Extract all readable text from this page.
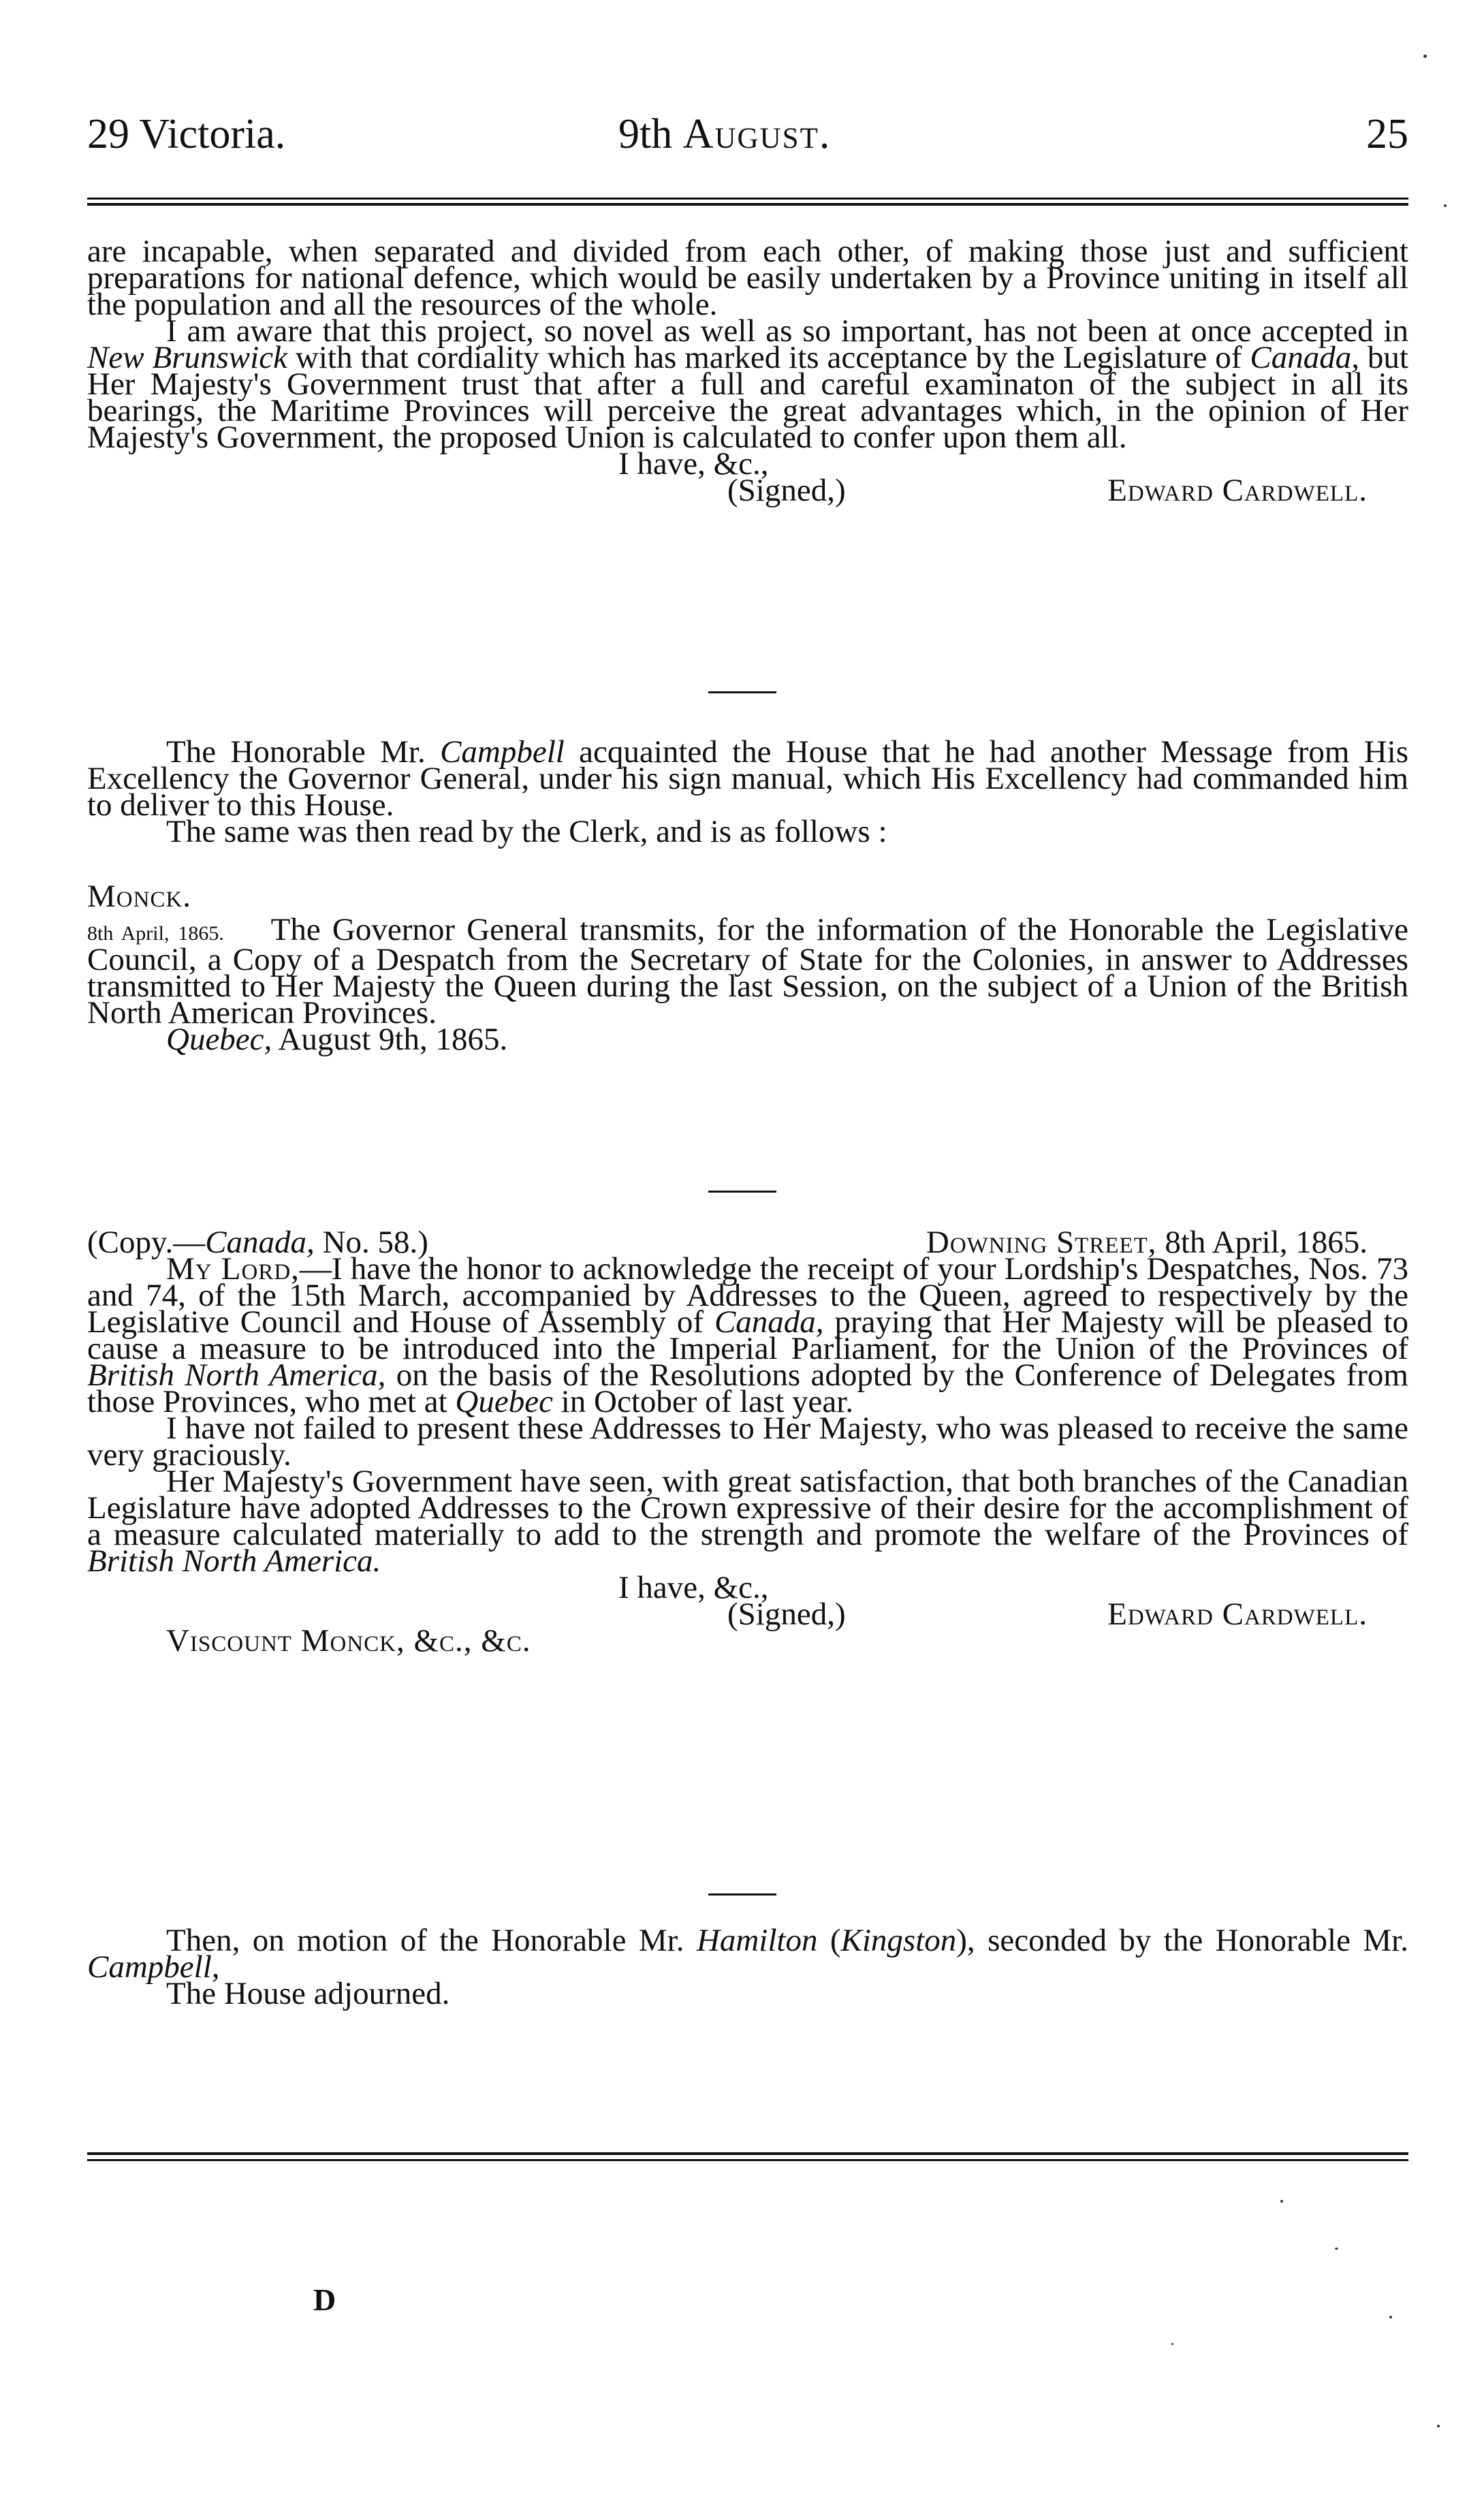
29 Victoria.	9th August.	25

are incapable, when separated and divided from each other, of making those just and sufficient preparations for national defence, which would be easily undertaken by a Province uniting in itself all the population and all the resources of the whole.

I am aware that this project, so novel as well as so important, has not been at once accepted in New Brunswick with that cordiality which has marked its acceptance by the Legislature of Canada, but Her Majesty's Government trust that after a full and careful examinaton of the subject in all its bearings, the Maritime Provinces will perceive the great advantages which, in the opinion of Her Majesty's Government, the proposed Union is calculated to confer upon them all.

I have, &c.,

(Signed,)	Edward Cardwell.

The Honorable Mr. Campbell acquainted the House that he had another Message from His Excellency the Governor General, under his sign manual, which His Excellency had commanded him to deliver to this House.

The same was then read by the Clerk, and is as follows :

Monck.

8th April, 1865. The Governor General transmits, for the information of the Honorable the Legislative Council, a Copy of a Despatch from the Secretary of State for the Colonies, in answer to Addresses transmitted to Her Majesty the Queen during the last Session, on the subject of a Union of the British North American Provinces.

Quebec, August 9th, 1865.

(Copy.—Canada, No. 58.)	Downing Street, 8th April, 1865.

My Lord,—I have the honor to acknowledge the receipt of your Lordship's Despatches, Nos. 73 and 74, of the 15th March, accompanied by Addresses to the Queen, agreed to respectively by the Legislative Council and House of Assembly of Canada, praying that Her Majesty will be pleased to cause a measure to be introduced into the Imperial Parliament, for the Union of the Provinces of British North America, on the basis of the Resolutions adopted by the Conference of Delegates from those Provinces, who met at Quebec in October of last year.

I have not failed to present these Addresses to Her Majesty, who was pleased to receive the same very graciously.

Her Majesty's Government have seen, with great satisfaction, that both branches of the Canadian Legislature have adopted Addresses to the Crown expressive of their desire for the accomplishment of a measure calculated materially to add to the strength and promote the welfare of the Provinces of British North America.

I have, &c.,

(Signed,)	Edward Cardwell.

Viscount Monck, &c., &c.

Then, on motion of the Honorable Mr. Hamilton (Kingston), seconded by the Honorable Mr. Campbell,

The House adjourned.

D
